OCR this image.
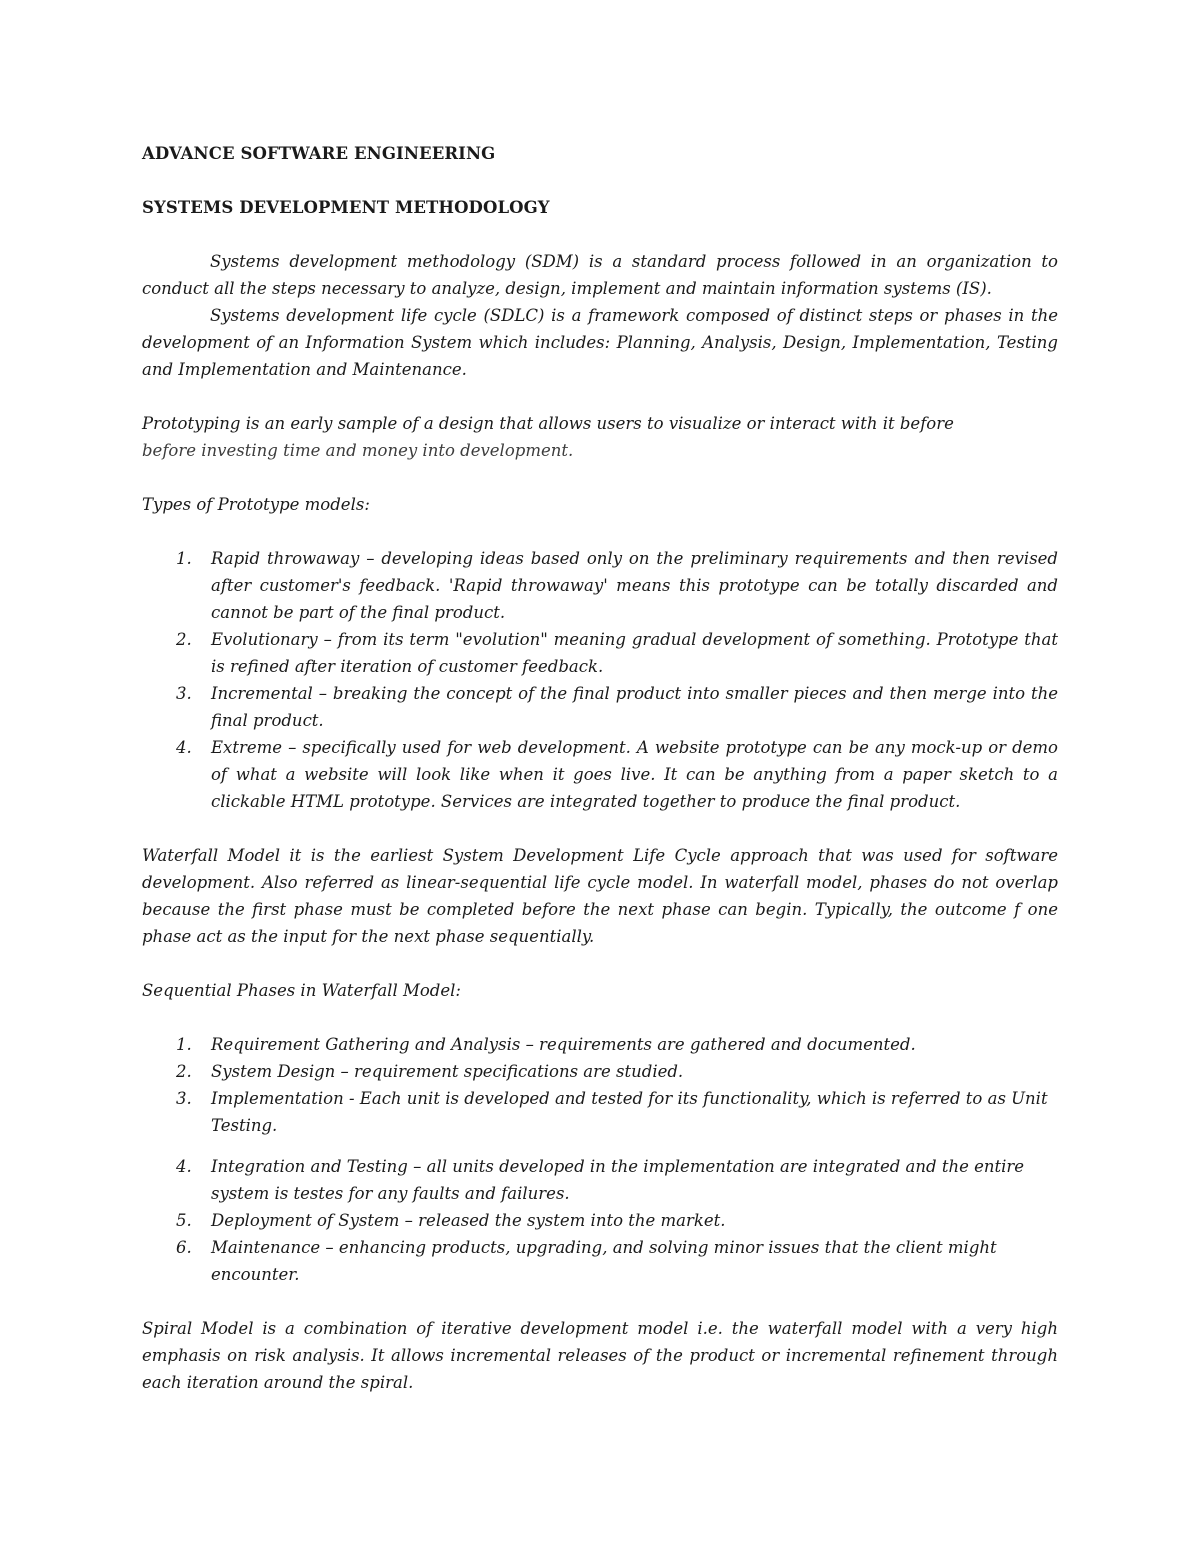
ADVANCE SOFTWARE ENGINEERING
SYSTEMS DEVELOPMENT METHODOLOGY

Systems development methodology (SDM) is a standard process followed in an organization to conduct all the steps necessary to analyze, design, implement and maintain information systems (IS).

Systems development life cycle (SDLC) is a framework composed of distinct steps or phases in the development of an Information System which includes: Planning, Analysis, Design, Implementation, Testing and Implementation and Maintenance.

Prototyping is an early sample of a design that allows users to visualize or interact with it before
before investing time and money into development.

Types of Prototype models:

1. Rapid throwaway – developing ideas based only on the preliminary requirements and then revised after customer's feedback. 'Rapid throwaway' means this prototype can be totally discarded and cannot be part of the final product.
2. Evolutionary – from its term "evolution" meaning gradual development of something. Prototype that is refined after iteration of customer feedback.
3. Incremental – breaking the concept of the final product into smaller pieces and then merge into the final product.
4. Extreme – specifically used for web development. A website prototype can be any mock-up or demo of what a website will look like when it goes live. It can be anything from a paper sketch to a clickable HTML prototype. Services are integrated together to produce the final product.

Waterfall Model it is the earliest System Development Life Cycle approach that was used for software development. Also referred as linear-sequential life cycle model. In waterfall model, phases do not overlap because the first phase must be completed before the next phase can begin. Typically, the outcome f one phase act as the input for the next phase sequentially.

Sequential Phases in Waterfall Model:

1. Requirement Gathering and Analysis – requirements are gathered and documented.
2. System Design – requirement specifications are studied.
3. Implementation - Each unit is developed and tested for its functionality, which is referred to as Unit Testing.
4. Integration and Testing – all units developed in the implementation are integrated and the entire system is testes for any faults and failures.
5. Deployment of System – released the system into the market.
6. Maintenance – enhancing products, upgrading, and solving minor issues that the client might encounter.

Spiral Model is a combination of iterative development model i.e. the waterfall model with a very high emphasis on risk analysis. It allows incremental releases of the product or incremental refinement through each iteration around the spiral.
